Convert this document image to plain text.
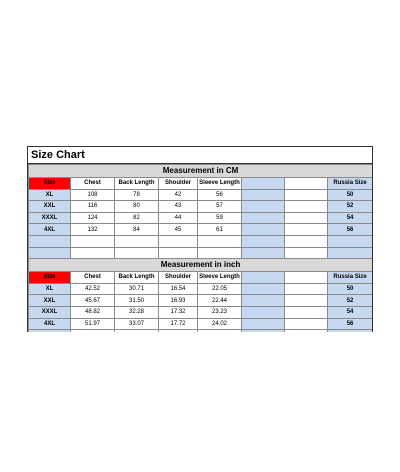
Size Chart
Measurement in CM							
Size	Chest	Back Length	Shoulder	Sleeve Length			Russia Size
XL	108	78	42	56			50
XXL	116	80	43	57			52
XXXL	124	82	44	59			54
4XL	132	84	45	61			56

Measurement in inch							
Size	Chest	Back Length	Shoulder	Sleeve Length			Russia Size
XL	42.52	30.71	16.54	22.05			50
XXL	45.67	31.50	16.93	22.44			52
XXXL	48.82	32.28	17.32	23.23			54
4XL	51.97	33.07	17.72	24.02			56
